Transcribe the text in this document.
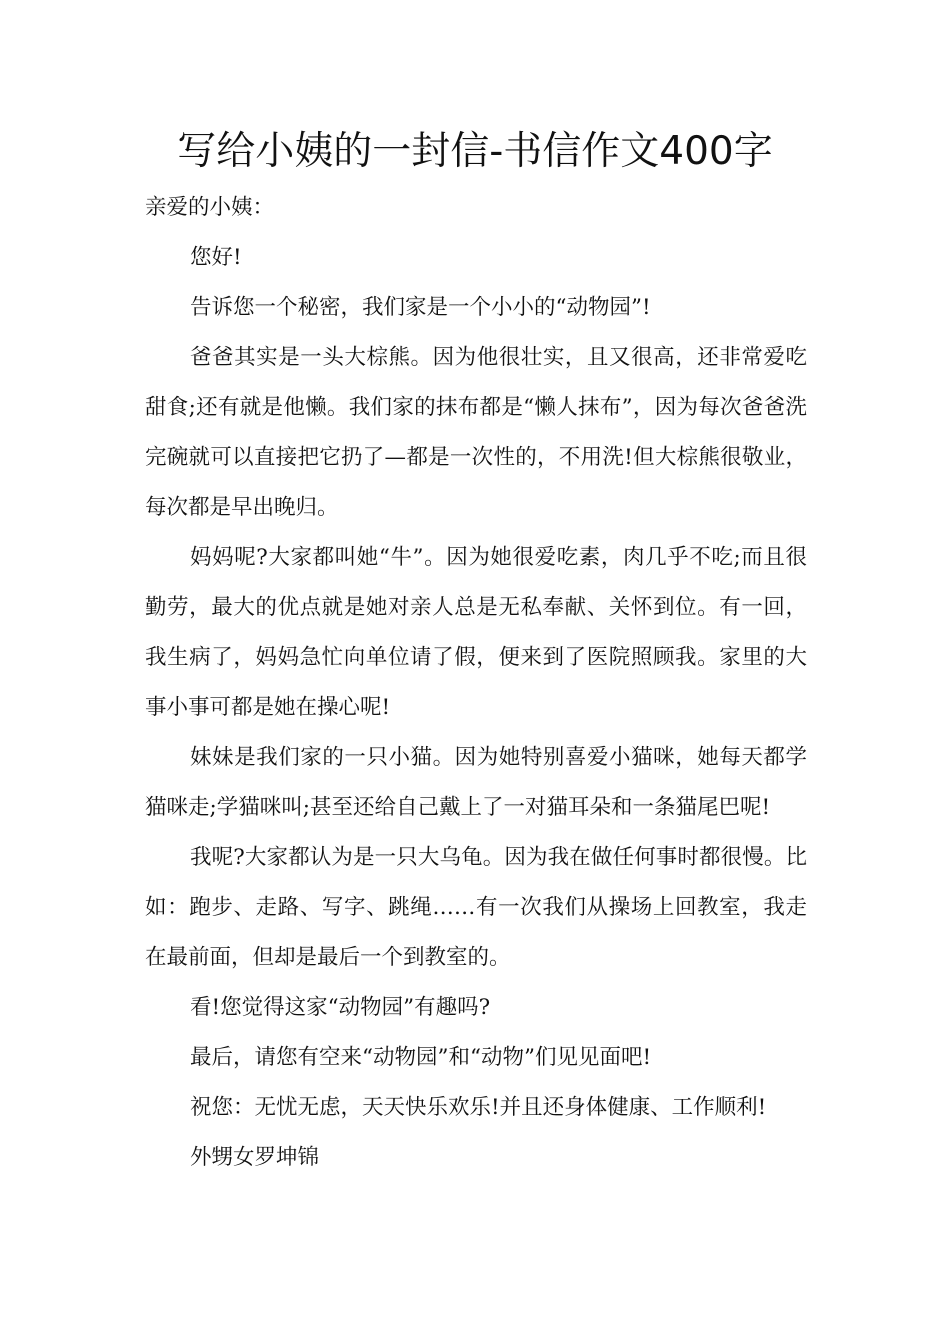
写给小姨的一封信-书信作文400字

亲爱的小姨：

您好!

告诉您一个秘密，我们家是一个小小的“动物园”!

爸爸其实是一头大棕熊。因为他很壮实，且又很高，还非常爱吃甜食;还有就是他懒。我们家的抹布都是“懒人抹布”，因为每次爸爸洗完碗就可以直接把它扔了—都是一次性的，不用洗!但大棕熊很敬业，每次都是早出晚归。

妈妈呢?大家都叫她“牛”。因为她很爱吃素，肉几乎不吃;而且很勤劳，最大的优点就是她对亲人总是无私奉献、关怀到位。有一回，我生病了，妈妈急忙向单位请了假，便来到了医院照顾我。家里的大事小事可都是她在操心呢!

妹妹是我们家的一只小猫。因为她特别喜爱小猫咪，她每天都学猫咪走;学猫咪叫;甚至还给自己戴上了一对猫耳朵和一条猫尾巴呢!

我呢?大家都认为是一只大乌龟。因为我在做任何事时都很慢。比如：跑步、走路、写字、跳绳……有一次我们从操场上回教室，我走在最前面，但却是最后一个到教室的。

看!您觉得这家“动物园”有趣吗?

最后，请您有空来“动物园”和“动物”们见见面吧!

祝您：无忧无虑，天天快乐欢乐!并且还身体健康、工作顺利!

外甥女罗坤锦
